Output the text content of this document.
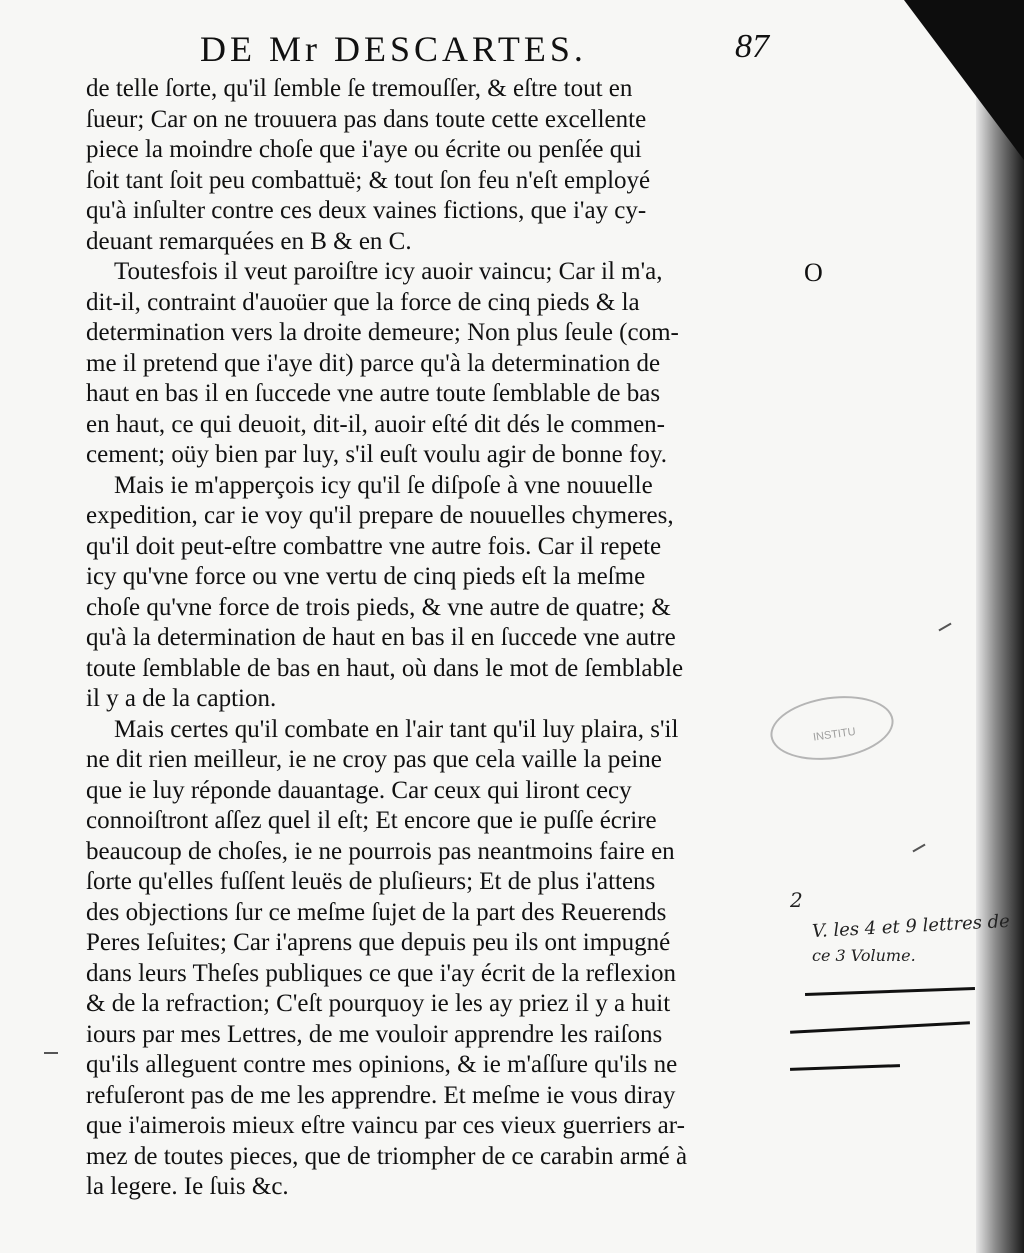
DE Mr DESCARTES.	87
de telle ſorte, qu'il ſemble ſe tremouſſer, & eſtre tout en
ſueur; Car on ne trouuera pas dans toute cette excellente
piece la moindre choſe que i'aye ou écrite ou penſée qui
ſoit tant ſoit peu combattuë; & tout ſon feu n'eſt employé
qu'à inſulter contre ces deux vaines fictions, que i'ay cy-
deuant remarquées en B & en C.
Toutesfois il veut paroiſtre icy auoir vaincu; Car il m'a,
dit-il, contraint d'auoüer que la force de cinq pieds & la
determination vers la droite demeure; Non plus ſeule (com-
me il pretend que i'aye dit) parce qu'à la determination de
haut en bas il en ſuccede vne autre toute ſemblable de bas
en haut, ce qui deuoit, dit-il, auoir eſté dit dés le commen-
cement; oüy bien par luy, s'il euſt voulu agir de bonne foy.
Mais ie m'apperçois icy qu'il ſe diſpoſe à vne nouuelle
expedition, car ie voy qu'il prepare de nouuelles chymeres,
qu'il doit peut-eſtre combattre vne autre fois. Car il repete
icy qu'vne force ou vne vertu de cinq pieds eſt la meſme
choſe qu'vne force de trois pieds, & vne autre de quatre; &
qu'à la determination de haut en bas il en ſuccede vne autre
toute ſemblable de bas en haut, où dans le mot de ſemblable
il y a de la caption.
Mais certes qu'il combate en l'air tant qu'il luy plaira, s'il
ne dit rien meilleur, ie ne croy pas que cela vaille la peine
que ie luy réponde dauantage. Car ceux qui liront cecy
connoiſtront aſſez quel il eſt; Et encore que ie puſſe écrire
beaucoup de choſes, ie ne pourrois pas neantmoins faire en
ſorte qu'elles fuſſent leuës de pluſieurs; Et de plus i'attens
des objections ſur ce meſme ſujet de la part des Reuerends
Peres Ieſuites; Car i'aprens que depuis peu ils ont impugné
dans leurs Theſes publiques ce que i'ay écrit de la reflexion
& de la refraction; C'eſt pourquoy ie les ay priez il y a huit
iours par mes Lettres, de me vouloir apprendre les raiſons
qu'ils alleguent contre mes opinions, & ie m'aſſure qu'ils ne
refuſeront pas de me les apprendre. Et meſme ie vous diray
que i'aimerois mieux eſtre vaincu par ces vieux guerriers ar-
mez de toutes pieces, que de triompher de ce carabin armé à
la legere. Ie ſuis &c.
O
INSTITU
2
V. les 4 et 9 lettres de
ce 3 Volume.
